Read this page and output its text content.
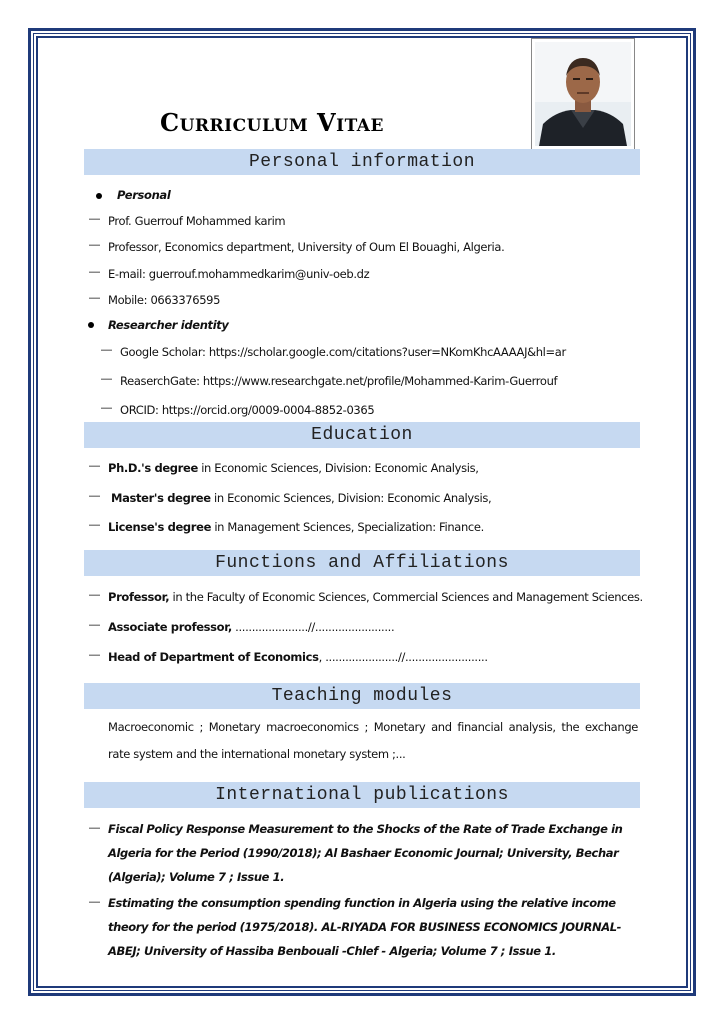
Curriculum Vitae
Personal information
Personal
— Prof. Guerrouf Mohammed karim
— Professor, Economics department, University of Oum El Bouaghi, Algeria.
— E-mail: guerrouf.mohammedkarim@univ-oeb.dz
— Mobile: 0663376595
Researcher identity
— Google Scholar: https://scholar.google.com/citations?user=NKomKhcAAAAJ&hl=ar
— ReaserchGate: https://www.researchgate.net/profile/Mohammed-Karim-Guerrouf
— ORCID: https://orcid.org/0009-0004-8852-0365
Education
— Ph.D.'s degree in Economic Sciences, Division: Economic Analysis,
— Master's degree in Economic Sciences, Division: Economic Analysis,
— License's degree in Management Sciences, Specialization: Finance.
Functions and Affiliations
— Professor, in the Faculty of Economic Sciences, Commercial Sciences and Management Sciences.
— Associate professor, ......................//........................
— Head of Department of Economics, ......................//.........................
Teaching modules
Macroeconomic ; Monetary macroeconomics ; Monetary and financial analysis, the exchange rate system and the international monetary system ;...
International publications
— Fiscal Policy Response Measurement to the Shocks of the Rate of Trade Exchange in Algeria for the Period (1990/2018); Al Bashaer Economic Journal; University, Bechar (Algeria); Volume 7 ; Issue 1.
— Estimating the consumption spending function in Algeria using the relative income theory for the period (1975/2018). AL-RIYADA FOR BUSINESS ECONOMICS JOURNAL-ABEJ; University of Hassiba Benbouali -Chlef - Algeria; Volume 7 ; Issue 1.
